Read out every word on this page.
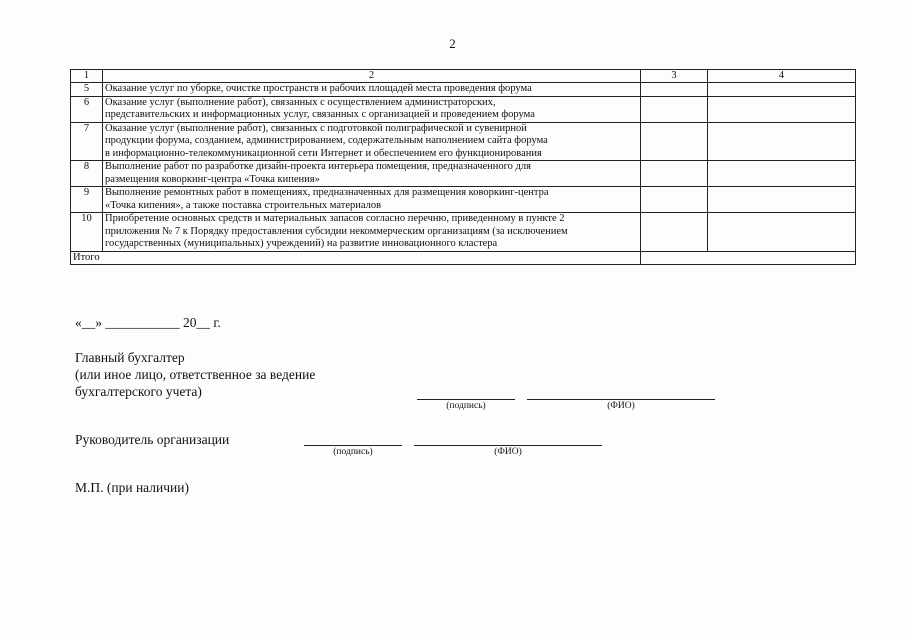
2
1	2	3	4
5	Оказание услуг по уборке, очистке пространств и рабочих площадей места проведения форума		

6	Оказание услуг (выполнение работ), связанных с осуществлением администраторских,
представительских и информационных услуг, связанных с организацией и проведением форума		

7	Оказание услуг (выполнение работ), связанных с подготовкой полиграфической и сувенирной
продукции форума, созданием, администрированием, содержательным наполнением сайта форума
в информационно-телекоммуникационной сети Интернет и обеспечением его функционирования		

8	Выполнение работ по разработке дизайн-проекта интерьера помещения, предназначенного для
размещения коворкинг-центра «Точка кипения»		

9	Выполнение ремонтных работ в помещениях, предназначенных для размещения коворкинг-центра
«Точка кипения», а также поставка строительных материалов		

10	Приобретение основных средств и материальных запасов согласно перечню, приведенному в пункте 2
приложения № 7 к Порядку предоставления субсидии некоммерческим организациям (за исключением
государственных (муниципальных) учреждений) на развитие инновационного кластера		

Итого			
«__» ___________ 20__ г.
Главный бухгалтер
(или иное лицо, ответственное за ведение
бухгалтерского учета)
(подпись)	(ФИО)
Руководитель организации
(подпись)	(ФИО)
М.П. (при наличии)
